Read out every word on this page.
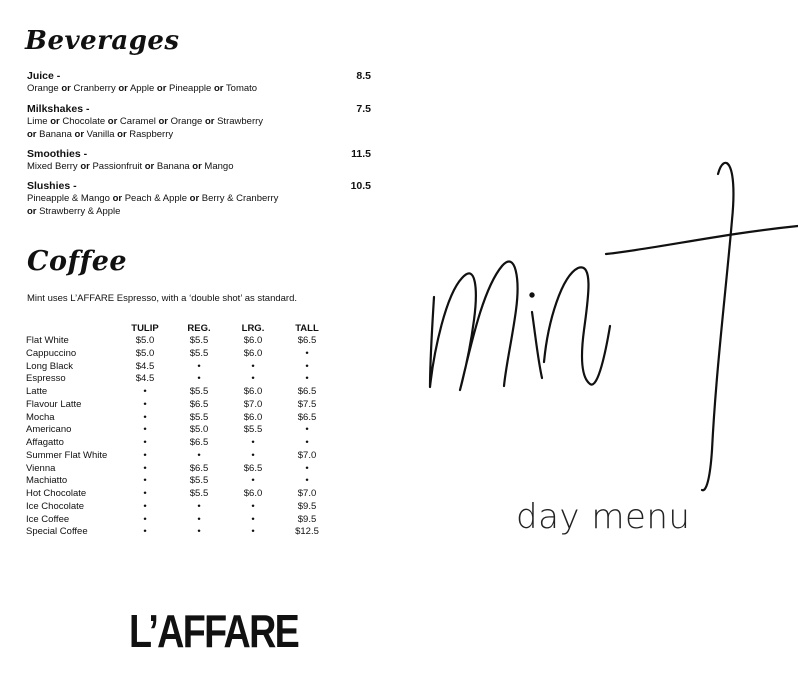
Beverages
Juice -	8.5
Orange or Cranberry or Apple or Pineapple or Tomato
Milkshakes -	7.5
Lime or Chocolate or Caramel or Orange or Strawberry
or Banana or Vanilla or Raspberry
Smoothies -	11.5
Mixed Berry or Passionfruit or Banana or Mango
Slushies -	10.5
Pineapple & Mango or Peach & Apple or Berry & Cranberry
or Strawberry & Apple
Coffee
Mint uses L’AFFARE Espresso, with a ‘double shot’ as standard.
	TULIP	REG.	LRG.	TALL
Flat White	$5.0	$5.5	$6.0	$6.5
Cappuccino	$5.0	$5.5	$6.0	•
Long Black	$4.5	•	•	•
Espresso	$4.5	•	•	•
Latte	•	$5.5	$6.0	$6.5
Flavour Latte	•	$6.5	$7.0	$7.5
Mocha	•	$5.5	$6.0	$6.5
Americano	•	$5.0	$5.5	•
Affagatto	•	$6.5	•	•
Summer Flat White	•	•	•	$7.0
Vienna	•	$6.5	$6.5	•
Machiatto	•	$5.5	•	•
Hot Chocolate	•	$5.5	$6.0	$7.0
Ice Chocolate	•	•	•	$9.5
Ice Coffee	•	•	•	$9.5
Special Coffee	•	•	•	$12.5
L’AFFARE
day menu
